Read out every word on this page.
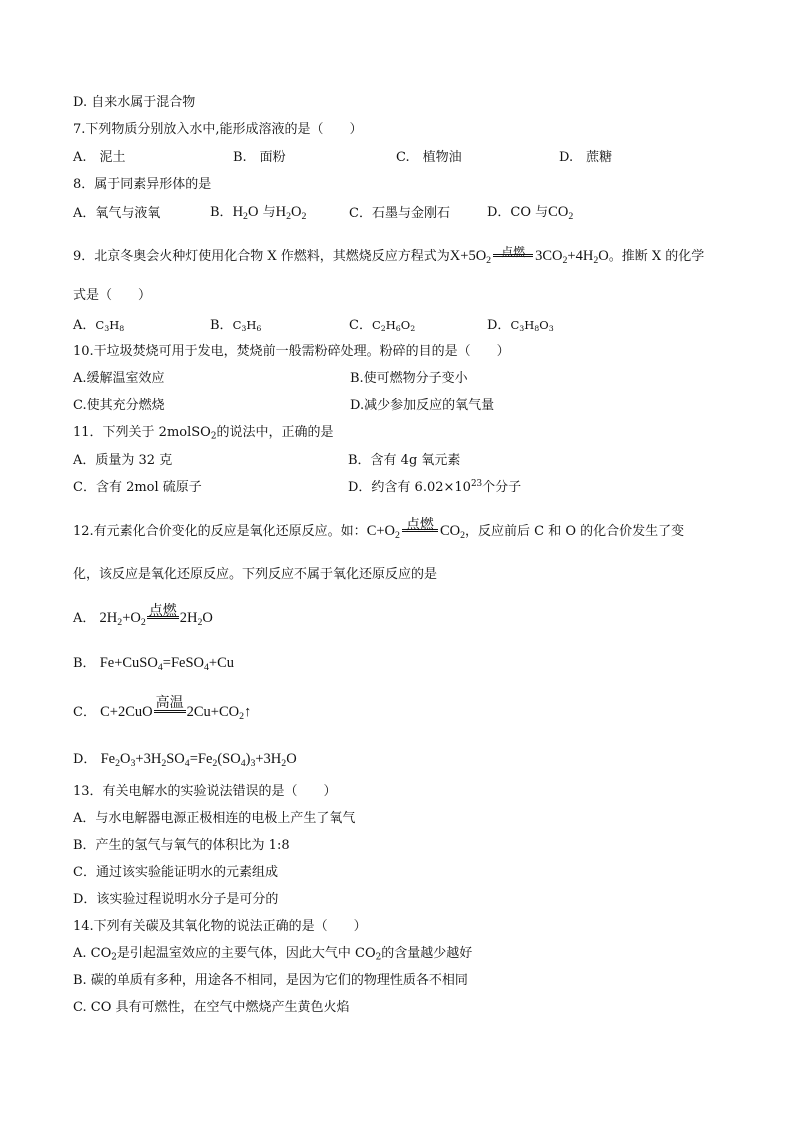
D. 自来水属于混合物
7.下列物质分别放入水中,能形成溶液的是（　　）
A.　泥土	B.　面粉	C.　植物油	D.　蔗糖
8．属于同素异形体的是
A．氧气与液氧	B．$H_2O$ 与$H_2O_2$	C．石墨与金刚石	D．CO 与$CO_2$
9．北京冬奥会火种灯使用化合物 X 作燃料，其燃烧反应方程式为$X+5O_2$
点燃 $3CO_2+4H_2O$。推断 X 的化学
式是（　　）
A．$C_3H_8$	B．$C_3H_6$	C．$C_2H_6O_2$	D．$C_3H_8O_3$
10.干垃圾焚烧可用于发电，焚烧前一般需粉碎处理。粉碎的目的是（　　）
A.缓解温室效应	B.使可燃物分子变小
C.使其充分燃烧	D.减少参加反应的氧气量
11．下列关于 2molSO$_2$的说法中，正确的是
A．质量为 32 克	B．含有 4g 氧元素
C．含有 2mol 硫原子	D．约含有 $6.02\times 10^{23}$个分子
12.有元素化合价变化的反应是氧化还原反应。如：$C+O_2$
点燃 $CO_2$，反应前后 C 和 O 的化合价发生了变
化，该反应是氧化还原反应。下列反应不属于氧化还原反应的是
A． $2H_2+O_2$
点燃 $2H_2O$
B． Fe+CuSO$_4$=FeSO$_4$+Cu
C． C+2CuO
高温
$2Cu+CO_2↑$
D． $Fe_2O_3+3H_2SO_4=Fe_2(SO_4)_3+3H_2O$
13．有关电解水的实验说法错误的是（　　）
A．与水电解器电源正极相连的电极上产生了氧气
B．产生的氢气与氧气的体积比为 1:8
C．通过该实验能证明水的元素组成
D．该实验过程说明水分子是可分的
14.下列有关碳及其氧化物的说法正确的是（　　）
A. $CO_2$是引起温室效应的主要气体，因此大气中 $CO_2$的含量越少越好
B. 碳的单质有多种，用途各不相同，是因为它们的物理性质各不相同
C. CO 具有可燃性，在空气中燃烧产生黄色火焰
